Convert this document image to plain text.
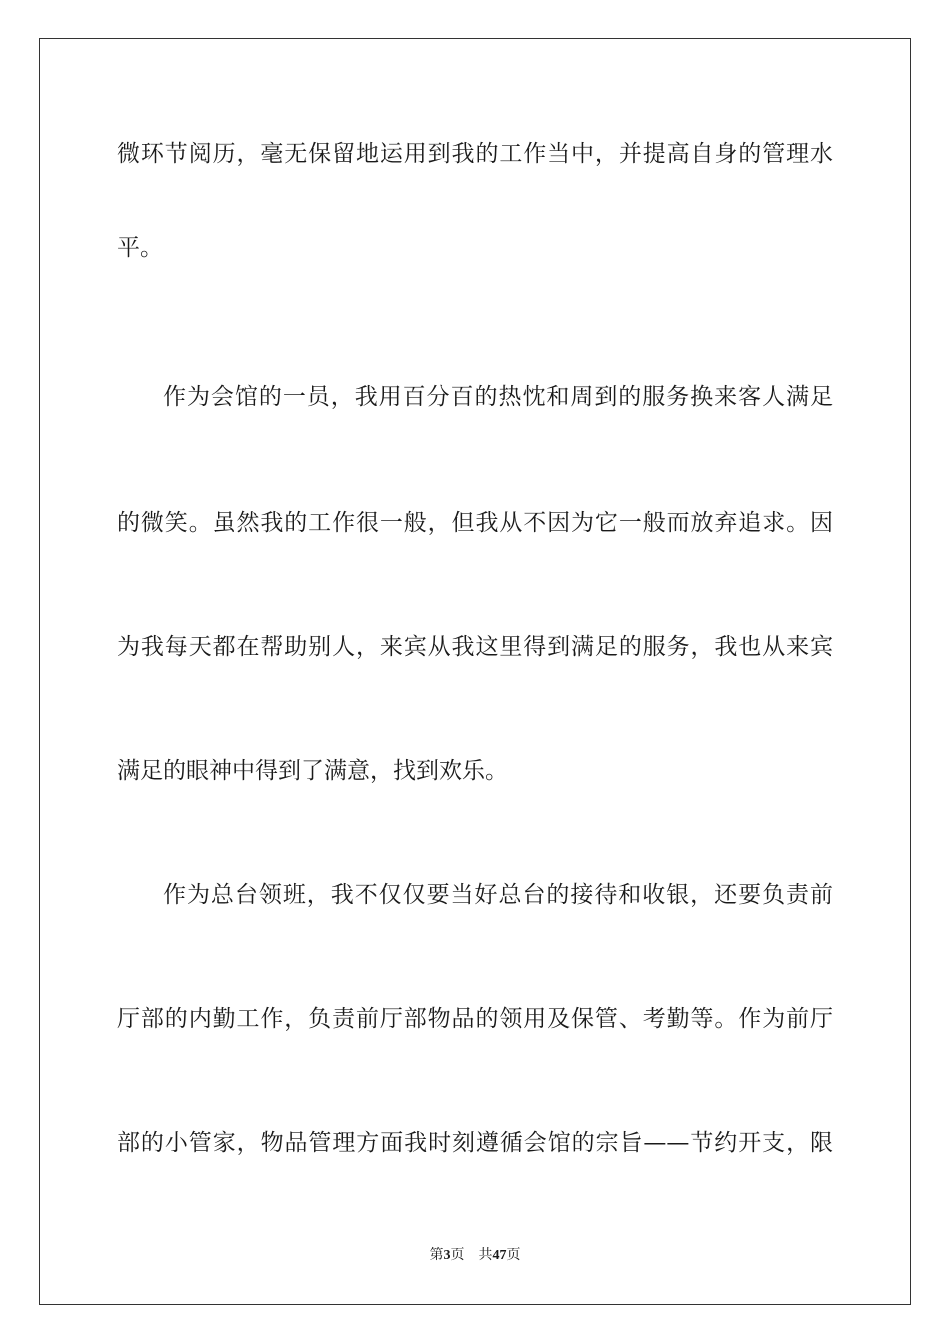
微环节阅历，毫无保留地运用到我的工作当中，并提高自身的管理水
平。
作为会馆的一员，我用百分百的热忱和周到的服务换来客人满足
的微笑。虽然我的工作很一般，但我从不因为它一般而放弃追求。因
为我每天都在帮助别人，来宾从我这里得到满足的服务，我也从来宾
满足的眼神中得到了满意，找到欢乐。
作为总台领班，我不仅仅要当好总台的接待和收银，还要负责前
厅部的内勤工作，负责前厅部物品的领用及保管、考勤等。作为前厅
部的小管家，物品管理方面我时刻遵循会馆的宗旨——节约开支，限
第3页 共47页
